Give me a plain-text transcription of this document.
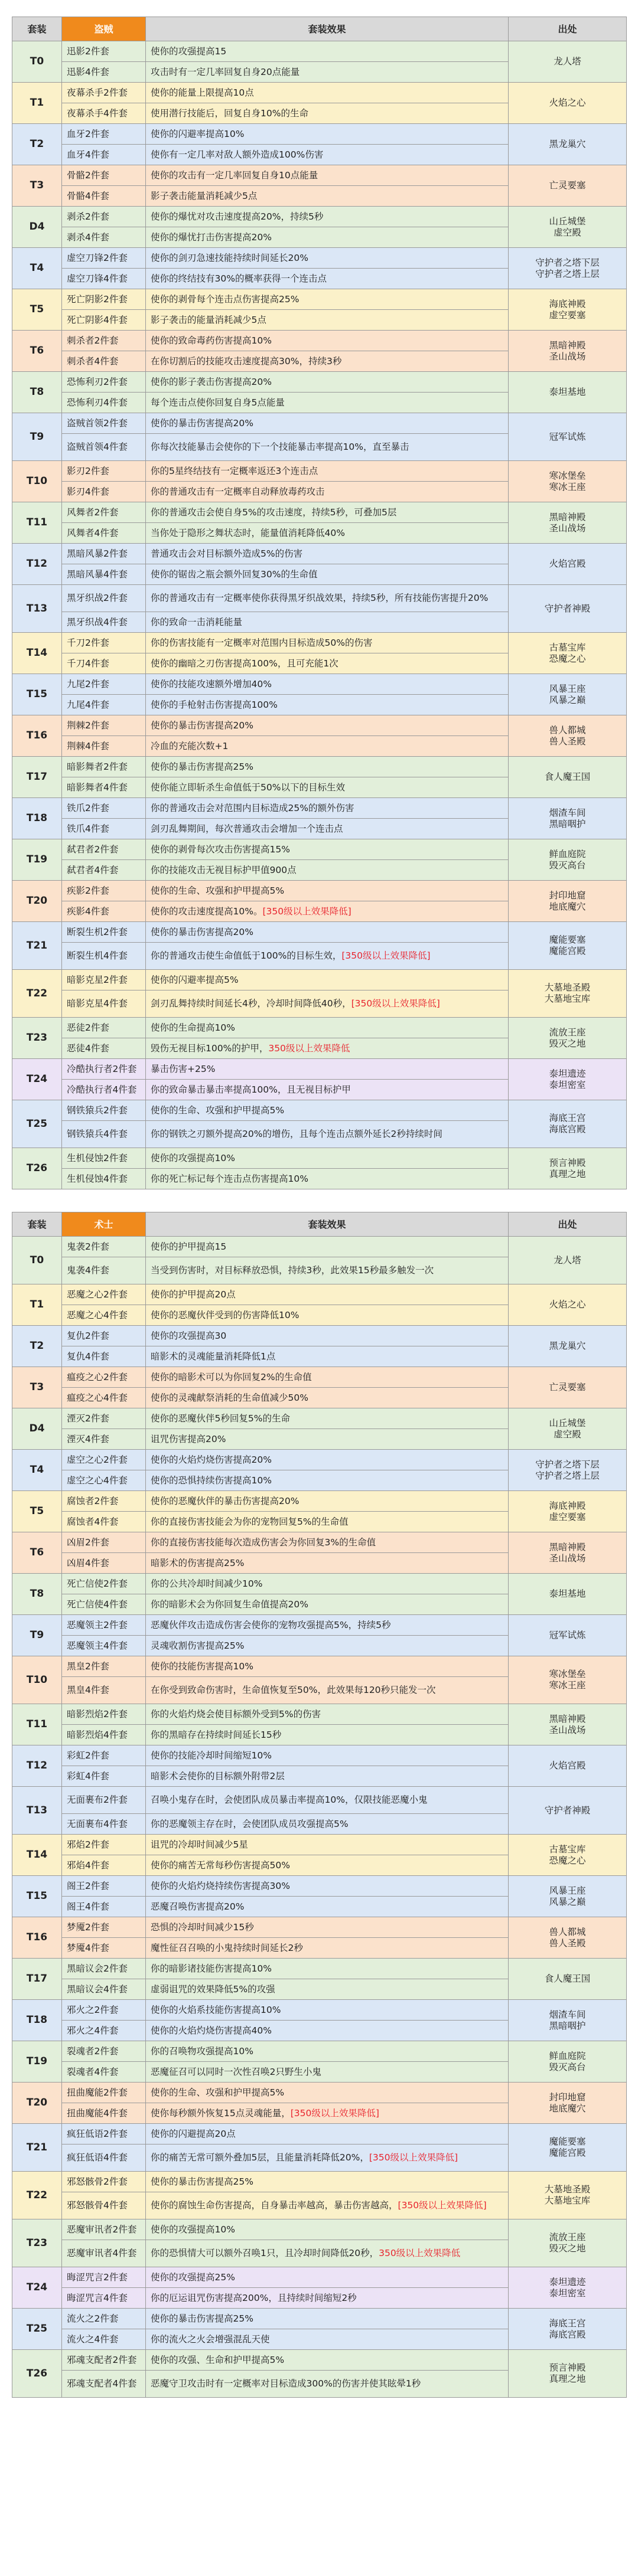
套装	盗贼	套装效果	出处
T0	迅影2件套	使你的攻强提高15	龙人塔
	迅影4件套	攻击时有一定几率回复自身20点能量	
T1	夜幕杀手2件套	使你的能量上限提高10点	火焰之心
	夜幕杀手4件套	使用潜行技能后，回复自身10%的生命	
T2	血牙2件套	使你的闪避率提高10%	黑龙巢穴
	血牙4件套	使你有一定几率对敌人额外造成100%伤害	
T3	骨骼2件套	使你的攻击有一定几率回复自身10点能量	亡灵要塞
	骨骼4件套	影子袭击能量消耗减少5点	
D4	剥杀2件套	使你的爆忧对攻击速度提高20%，持续5秒	山丘城堡
虚空殿
	剥杀4件套	使你的爆忧打击伤害提高20%	
T4	虚空刀锋2件套	使你的剑刃急速技能持续时间延长20%	守护者之塔下层
守护者之塔上层
	虚空刀锋4件套	使你的终结技有30%的概率获得一个连击点	
T5	死亡阴影2件套	使你的剥骨每个连击点伤害提高25%	海底神殿
虚空要塞
	死亡阴影4件套	影子袭击的能量消耗减少5点	
T6	刺杀者2件套	使你的致命毒药伤害提高10%	黑暗神殿
圣山战场
	刺杀者4件套	在你切割后的技能攻击速度提高30%，持续3秒	
T8	恐怖利刃2件套	使你的影子袭击伤害提高20%	泰坦基地
	恐怖利刃4件套	每个连击点使你回复自身5点能量	
T9	盗贼首领2件套	使你的暴击伤害提高20%	冠军试炼
	盗贼首领4件套	你每次技能暴击会使你的下一个技能暴击率提高10%，直至暴击	
T10	影刃2件套	你的5星终结技有一定概率返还3个连击点	寒冰堡垒
寒冰王座
	影刃4件套	你的普通攻击有一定概率自动释放毒药攻击	
T11	风舞者2件套	你的普通攻击会使自身5%的攻击速度，持续5秒，可叠加5层	黑暗神殿
圣山战场
	风舞者4件套	当你处于隐形之舞状态时，能量值消耗降低40%	
T12	黑暗风暴2件套	普通攻击会对目标额外造成5%的伤害	火焰宫殿
	黑暗风暴4件套	使你的锯齿之瓶会额外回复30%的生命值	
T13	黑牙织战2件套	你的普通攻击有一定概率使你获得黑牙织战效果，持续5秒，所有技能伤害提升20%	守护者神殿
	黑牙织战4件套	你的致命一击消耗能量	
T14	千刀2件套	你的伤害技能有一定概率对范围内目标造成50%的伤害	古墓宝库
恐魔之心
	千刀4件套	使你的幽暗之刃伤害提高100%，且可充能1次	
T15	九尾2件套	使你的技能攻速额外增加40%	风暴王座
风暴之巅
	九尾4件套	使你的手枪射击伤害提高100%	
T16	荆棘2件套	使你的暴击伤害提高20%	兽人都城
兽人圣殿
	荆棘4件套	冷血的充能次数+1	
T17	暗影舞者2件套	使你的暴击伤害提高25%	食人魔王国
	暗影舞者4件套	使你能立即斩杀生命值低于50%以下的目标生效	
T18	铁爪2件套	你的普通攻击会对范围内目标造成25%的额外伤害	烟渣车间
黑暗咽护
	铁爪4件套	剑刃乱舞期间，每次普通攻击会增加一个连击点	
T19	弑君者2件套	使你的剥骨每次攻击伤害提高15%	鲜血庭院
毁灭高台
	弑君者4件套	你的技能攻击无视目标护甲值900点	
T20	疾影2件套	使你的生命、攻强和护甲提高5%	封印地窟
地底魔穴
	疾影4件套	使你的攻击速度提高10%。[350级以上效果降低]	
T21	断裂生机2件套	使你的暴击伤害提高20%	魔能要塞
魔能宫殿
	断裂生机4件套	你的普通攻击使生命值低于100%的目标生效，[350级以上效果降低]	
T22	暗影克星2件套	使你的闪避率提高5%	大墓地圣殿
大墓地宝库
	暗影克星4件套	剑刃乱舞持续时间延长4秒，冷却时间降低40秒，[350级以上效果降低]	
T23	恶徒2件套	使你的生命提高10%	流放王座
毁灭之地
	恶徒4件套	毁伤无视目标100%的护甲，350级以上效果降低	
T24	冷酷执行者2件套	暴击伤害+25%	泰坦遗迹
泰坦密室
	冷酷执行者4件套	你的致命暴击暴击率提高100%，且无视目标护甲	
T25	钢铁猿兵2件套	使你的生命、攻强和护甲提高5%	海底王宫
海底宫殿
	钢铁猿兵4件套	你的钢铁之刃额外提高20%的增伤，且每个连击点额外延长2秒持续时间	
T26	生机侵蚀2件套	使你的攻强提高10%	预言神殿
真理之地
	生机侵蚀4件套	你的死亡标记每个连击点伤害提高10%	
套装	术士	套装效果	出处
T0	鬼袭2件套	使你的护甲提高15	龙人塔
	鬼袭4件套	当受到伤害时，对目标释放恐惧，持续3秒，此效果15秒最多触发一次	
T1	恶魔之心2件套	使你的护甲提高20点	火焰之心
	恶魔之心4件套	使你的恶魔伙伴受到的伤害降低10%	
T2	复仇2件套	使你的攻强提高30	黑龙巢穴
	复仇4件套	暗影术的灵魂能量消耗降低1点	
T3	瘟疫之心2件套	使你的暗影术可以为你回复2%的生命值	亡灵要塞
	瘟疫之心4件套	使你的灵魂献祭消耗的生命值减少50%	
D4	湮灭2件套	使你的恶魔伙伴5秒回复5%的生命	山丘城堡
虚空殿
	湮灭4件套	诅咒伤害提高20%	
T4	虚空之心2件套	使你的火焰灼烧伤害提高20%	守护者之塔下层
守护者之塔上层
	虚空之心4件套	使你的恐惧持续伤害提高10%	
T5	腐蚀者2件套	使你的恶魔伙伴的暴击伤害提高20%	海底神殿
虚空要塞
	腐蚀者4件套	你的直接伤害技能会为你的宠物回复5%的生命值	
T6	凶眉2件套	你的直接伤害技能每次造成伤害会为你回复3%的生命值	黑暗神殿
圣山战场
	凶眉4件套	暗影术的伤害提高25%	
T8	死亡信使2件套	你的公共冷却时间减少10%	泰坦基地
	死亡信使4件套	你的暗影术会为你回复生命值提高20%	
T9	恶魔领主2件套	恶魔伙伴攻击造成伤害会使你的宠物攻强提高5%，持续5秒	冠军试炼
	恶魔领主4件套	灵魂收割伤害提高25%	
T10	黑皇2件套	使你的技能伤害提高10%	寒冰堡垒
寒冰王座
	黑皇4件套	在你受到致命伤害时，生命值恢复至50%，此效果每120秒只能发一次	
T11	暗影烈焰2件套	你的火焰灼烧会使目标额外受到5%的伤害	黑暗神殿
圣山战场
	暗影烈焰4件套	你的黑暗存在持续时间延长15秒	
T12	彩虹2件套	使你的技能冷却时间缩短10%	火焰宫殿
	彩虹4件套	暗影术会使你的目标额外附带2层	
T13	无面裹布2件套	召唤小鬼存在时，会使团队成员暴击率提高10%，仅限技能恶魔小鬼	守护者神殿
	无面裹布4件套	你的恶魔领主存在时，会使团队成员攻强提高5%	
T14	邪焰2件套	诅咒的冷却时间减少5星	古墓宝库
恐魔之心
	邪焰4件套	使你的痛苦无常每秒伤害提高50%	
T15	阁王2件套	使你的火焰灼烧持续伤害提高30%	风暴王座
风暴之巅
	阁王4件套	恶魔召唤伤害提高20%	
T16	梦魇2件套	恐惧的冷却时间减少15秒	兽人都城
兽人圣殿
	梦魇4件套	魔性征召召唤的小鬼持续时间延长2秒	
T17	黑暗议会2件套	你的暗影诸技能伤害提高10%	食人魔王国
	黑暗议会4件套	虚弱诅咒的效果降低5%的攻强	
T18	邪火之2件套	使你的火焰系技能伤害提高10%	烟渣车间
黑暗咽护
	邪火之4件套	使你的火焰灼烧伤害提高40%	
T19	裂魂者2件套	你的召唤物攻强提高10%	鲜血庭院
毁灭高台
	裂魂者4件套	恶魔征召可以同时一次性召唤2只野生小鬼	
T20	扭曲魔能2件套	使你的生命、攻强和护甲提高5%	封印地窟
地底魔穴
	扭曲魔能4件套	使你每秒额外恢复15点灵魂能量，[350级以上效果降低]	
T21	疯狂低语2件套	使你的闪避提高20点	魔能要塞
魔能宫殿
	疯狂低语4件套	你的痛苦无常可额外叠加5层，且能量消耗降低20%，[350级以上效果降低]	
T22	邪怒骸骨2件套	使你的暴击伤害提高25%	大墓地圣殿
大墓地宝库
	邪怒骸骨4件套	使你的腐蚀生命伤害提高，自身暴击率越高，暴击伤害越高，[350级以上效果降低]	
T23	恶魔审讯者2件套	使你的攻强提高10%	流放王座
毁灭之地
	恶魔审讯者4件套	你的恐惧情大可以额外召唤1只，且冷却时间降低20秒，350级以上效果降低	
T24	晦涩咒言2件套	使你的攻强提高25%	泰坦遗迹
泰坦密室
	晦涩咒言4件套	你的厄运诅咒伤害提高200%，且持续时间缩短2秒	
T25	流火之2件套	使你的暴击伤害提高25%	海底王宫
海底宫殿
	流火之4件套	你的流火之火会增强混乱天使	
T26	邪魂支配者2件套	使你的攻强、生命和护甲提高5%	预言神殿
真理之地
	邪魂支配者4件套	恶魔守卫攻击时有一定概率对目标造成300%的伤害并使其眩晕1秒	
